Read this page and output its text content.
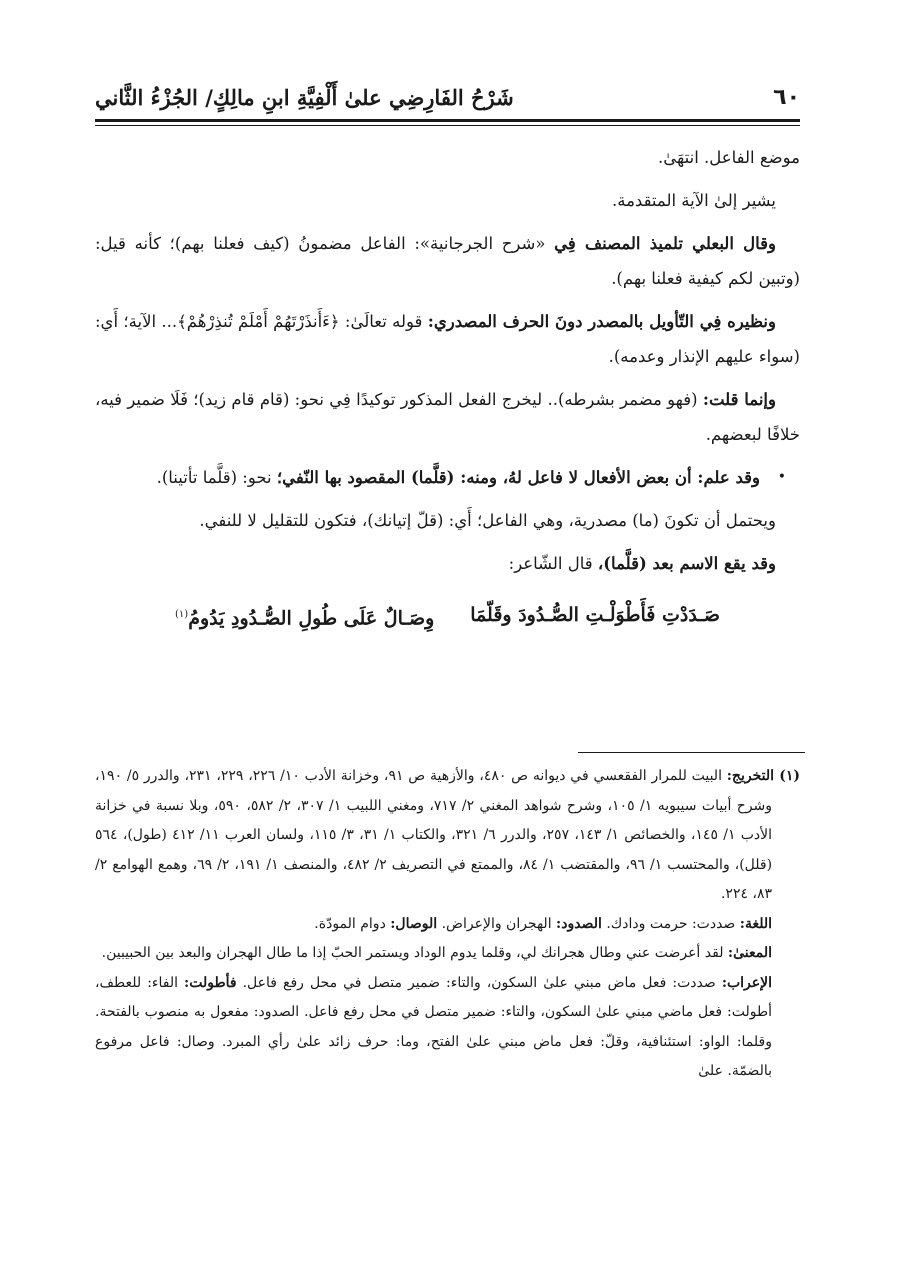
٦٠
شَرْحُ الفَارِضِي علىٰ أَلْفِيَّةِ ابنِ مالِكٍ/ الجُزْءُ الثَّاني

موضع الفاعل. انتهَىٰ.

يشير إلىٰ الآية المتقدمة.

وقال البعلي تلميذ المصنف فِي «شرح الجرجانية»: الفاعل مضمونُ (كيف فعلنا بهم)؛ كأنه قيل: (وتبين لكم كيفية فعلنا بهم).

ونظيره فِي التّأويل بالمصدر دونَ الحرف المصدري: قوله تعالَىٰ: ﴿ءَأَنذَرْتَهُمْ أَمْلَمْ تُنذِرْهُمْ﴾... الآية؛ أَي: (سواء عليهم الإنذار وعدمه).

وإنما قلت: (فهو مضمر بشرطه).. ليخرج الفعل المذكور توكيدًا فِي نحو: (قام قام زيد)؛ فَلَا ضمير فيه، خلافًا لبعضهم.

•
وقد علم: أن بعض الأفعال لا فاعل لهُ، ومنه: (قلَّما) المقصود بها النّفي؛ نحو: (قلَّما تأتينا).

ويحتمل أن تكونَ (ما) مصدرية، وهي الفاعل؛ أَي: (قلّ إتيانك)، فتكون للتقليل لا للنفي.

وقد يقع الاسم بعد (قلَّما)، قال الشّاعر:

صَـدَدْتِ فَأَطْوَلْـتِ الصُّـدُودَ وقَلّمَا
وِصَـالٌ عَلَى طُولِ الصُّـدُودِ يَدُومُ$^{(١)}$

(١) التخريج: البيت للمرار الفقعسي في ديوانه ص ٤٨٠، والأزهية ص ٩١، وخزانة الأدب ١٠/ ٢٢٦، ٢٢٩، ٢٣١، والدرر ٥/ ١٩٠، وشرح أبيات سيبويه ١/ ١٠٥، وشرح شواهد المغني ٢/ ٧١٧، ومغني اللبيب ١/ ٣٠٧، ٢/ ٥٨٢، ٥٩٠، وبلا نسبة في خزانة الأدب ١/ ١٤٥، والخصائص ١/ ١٤٣، ٢٥٧، والدرر ٦/ ٣٢١، والكتاب ١/ ٣١، ٣/ ١١٥، ولسان العرب ١١/ ٤١٢ (طول)، ٥٦٤ (قلل)، والمحتسب ١/ ٩٦، والمقتضب ١/ ٨٤، والممتع في التصريف ٢/ ٤٨٢، والمنصف ١/ ١٩١، ٢/ ٦٩، وهمع الهوامع ٢/ ٨٣، ٢٢٤.

اللغة: صددت: حرمت ودادك. الصدود: الهجران والإعراض. الوصال: دوام المودّة.

المعنىٰ: لقد أعرضت عني وطال هجرانك لي، وقلما يدوم الوداد ويستمر الحبّ إذا ما طال الهجران والبعد بين الحبيبين.

الإعراب: صددت: فعل ماض مبني علىٰ السكون، والتاء: ضمير متصل في محل رفع فاعل. فأطولت: الفاء: للعطف، أطولت: فعل ماضي مبني علىٰ السكون، والتاء: ضمير متصل في محل رفع فاعل. الصدود: مفعول به منصوب بالفتحة. وقلما: الواو: استئنافية، وقلّ: فعل ماض مبني علىٰ الفتح، وما: حرف زائد علىٰ رأي المبرد. وصال: فاعل مرفوع بالضمّة. علىٰ
